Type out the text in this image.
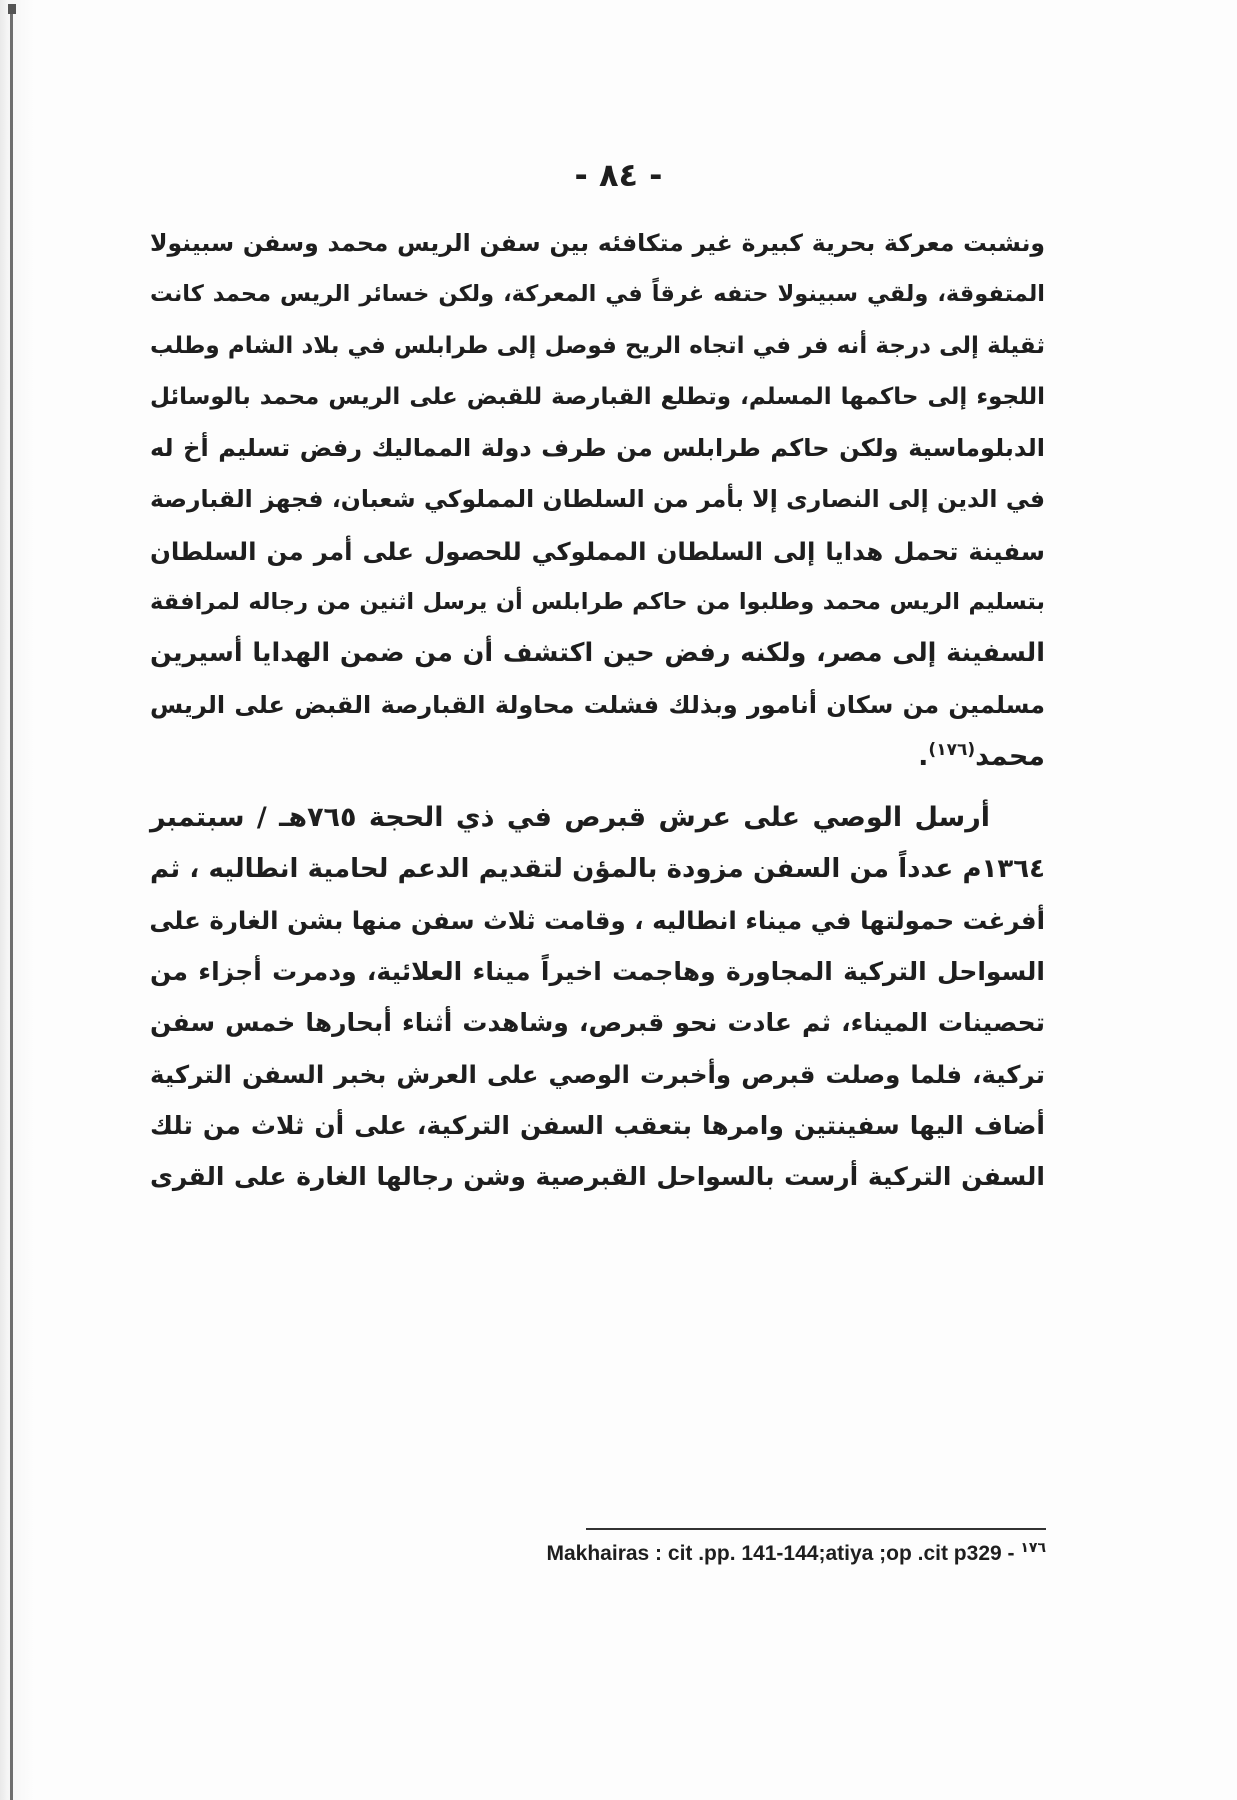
- ٨٤ -
ونشبت معركة بحرية كبيرة غير متكافئه بين سفن الريس محمد وسفن سبينولا
المتفوقة، ولقي سبينولا حتفه غرقاً في المعركة، ولكن خسائر الريس محمد كانت
ثقيلة إلى درجة أنه فر في اتجاه الريح فوصل إلى طرابلس في بلاد الشام وطلب
اللجوء إلى حاكمها المسلم، وتطلع القبارصة للقبض على الريس محمد بالوسائل
الدبلوماسية ولكن حاكم طرابلس من طرف دولة المماليك رفض تسليم أخ له
في الدين إلى النصارى إلا بأمر من السلطان المملوكي شعبان، فجهز القبارصة
سفينة تحمل هدايا إلى السلطان المملوكي للحصول على أمر من السلطان
بتسليم الريس محمد وطلبوا من حاكم طرابلس أن يرسل اثنين من رجاله لمرافقة
السفينة إلى مصر، ولكنه رفض حين اكتشف أن من ضمن الهدايا أسيرين
مسلمين من سكان أنامور وبذلك فشلت محاولة القبارصة القبض على الريس
محمد$^{(١٧٦)}$.
أرسل الوصي على عرش قبرص في ذي الحجة ٧٦٥هـ / سبتمبر
١٣٦٤م عدداً من السفن مزودة بالمؤن لتقديم الدعم لحامية انطاليه ، ثم
أفرغت حمولتها في ميناء انطاليه ، وقامت ثلاث سفن منها بشن الغارة على
السواحل التركية المجاورة وهاجمت اخيراً ميناء العلائية، ودمرت أجزاء من
تحصينات الميناء، ثم عادت نحو قبرص، وشاهدت أثناء أبحارها خمس سفن
تركية، فلما وصلت قبرص وأخبرت الوصي على العرش بخبر السفن التركية
أضاف اليها سفينتين وامرها بتعقب السفن التركية، على أن ثلاث من تلك
السفن التركية أرست بالسواحل القبرصية وشن رجالها الغارة على القرى
Makhairas : cit .pp. 141-144;atiya ;op .cit p329 - $^{١٧٦}$
